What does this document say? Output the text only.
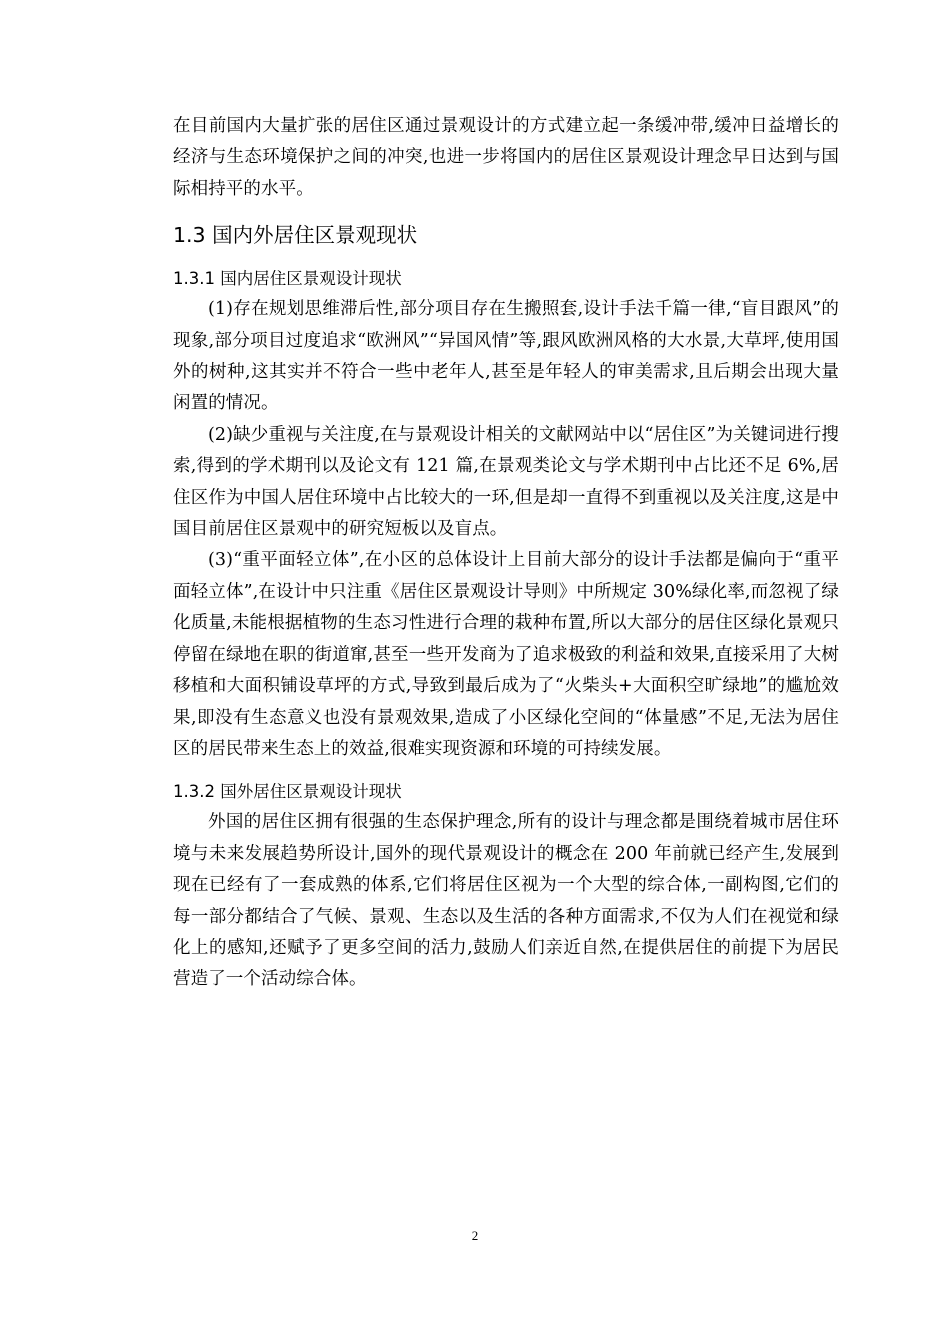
在目前国内大量扩张的居住区通过景观设计的方式建立起一条缓冲带,缓冲日益增长的经济与生态环境保护之间的冲突,也进一步将国内的居住区景观设计理念早日达到与国际相持平的水平。

1.3 国内外居住区景观现状
1.3.1 国内居住区景观设计现状

(1)存在规划思维滞后性,部分项目存在生搬照套,设计手法千篇一律,“盲目跟风”的现象,部分项目过度追求“欧洲风”“异国风情”等,跟风欧洲风格的大水景,大草坪,使用国外的树种,这其实并不符合一些中老年人,甚至是年轻人的审美需求,且后期会出现大量闲置的情况。

(2)缺少重视与关注度,在与景观设计相关的文献网站中以“居住区”为关键词进行搜索,得到的学术期刊以及论文有 121 篇,在景观类论文与学术期刊中占比还不足 6%,居住区作为中国人居住环境中占比较大的一环,但是却一直得不到重视以及关注度,这是中国目前居住区景观中的研究短板以及盲点。

(3)“重平面轻立体”,在小区的总体设计上目前大部分的设计手法都是偏向于“重平面轻立体”,在设计中只注重《居住区景观设计导则》中所规定 30%绿化率,而忽视了绿化质量,未能根据植物的生态习性进行合理的栽种布置,所以大部分的居住区绿化景观只停留在绿地在职的街道窜,甚至一些开发商为了追求极致的利益和效果,直接采用了大树移植和大面积铺设草坪的方式,导致到最后成为了“火柴头+大面积空旷绿地”的尴尬效果,即没有生态意义也没有景观效果,造成了小区绿化空间的“体量感”不足,无法为居住区的居民带来生态上的效益,很难实现资源和环境的可持续发展。

1.3.2 国外居住区景观设计现状

外国的居住区拥有很强的生态保护理念,所有的设计与理念都是围绕着城市居住环境与未来发展趋势所设计,国外的现代景观设计的概念在 200 年前就已经产生,发展到现在已经有了一套成熟的体系,它们将居住区视为一个大型的综合体,一副构图,它们的每一部分都结合了气候、景观、生态以及生活的各种方面需求,不仅为人们在视觉和绿化上的感知,还赋予了更多空间的活力,鼓励人们亲近自然,在提供居住的前提下为居民营造了一个活动综合体。

2
